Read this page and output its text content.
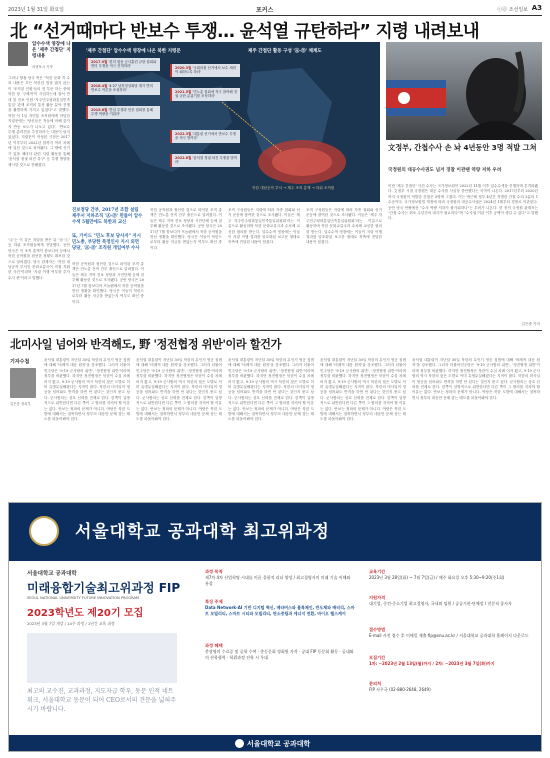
2023년 1월 31일 화요일	포커스	ⓒⓓ 조선일보 A3
北 “선거때마다 반보수 투쟁… 윤석열 규탄하라” 지령 내려보내
압수수색 영장에 나온 '제주 간첩단' 지령내용
서귀포시 기자
그러나 방첩 당국 측은 "북한 문화 지 수의 내용은 모든 북한한 법을 밟지 않는 이 '조직된 인원'들의 전 부문 하는 중에 북한 장 '구체적'이 사업하는데 참석 반대 및 진보 인원 '자주민주평화통일민족통일' 관계 조직의 통상 활동 분야 진행을 활발하게 가지고 있었다"고 말했다. 북한 이 1일 자민통 조직원에게 하달한 지령문에는 '당신들은 적들에 의해 갖가지 반동 보도가 나오고 있다', '반보수 투쟁 총력전을 추진하라'는 내용이 담겨 있었다. 지령문이 작성된 시점은 2017년 이후부터 2022년 말까지 여러 차례에 걸친 것으로 파악됐다. 그 밖에 선거가 있을 때마다 관련 지령 활동을 통해 '윤석열 정권 퇴진 촉구' 등 투쟁 방향을 제시한 것으로 전해졌다.
'Ⓐ'는 이 같은 지령을 받은 뒤 'Ⓑ-①' 등 하위 조직원들에게 전달했다. 공안 당국은 이 조직 총책이 캄보디아 등에서 북한 공작원을 접선한 정황도 확보한 것으로 알려졌다. 당국 관계자는 '북한 대남공작 부서인 문화교류국이 직접 지휘한 사건'이라며 '지령 이행 여부를 추가 수사 중'이라고 말했다.
'제주 간첩단' 압수수색 영장에 나온 북한 지령문	제주 간첩단 활동 구성 'Ⓐ-Ⓑ' 체계도
2017.9월 '한미 합동 군사훈련 규탄 집회와 반미 투쟁을 적극 전개하라'
2018.4월 '4·27 남북정상회담 계기 반미 반보수 여론을 조성하라'
2019.6월 '반일 투쟁과 민중 집회를 통해 투쟁 역량을 키워라'
2020.3월 '국회의원 선거에서 보수 세력이 패하도록 하라'
2021.5월 '민노총 집회에 적극 참여해 정권 규탄 분위기를 조성하라'
2022.3월 '대통령 선거에서 반보수 투쟁을 적극 벌여라'
2022.8월 '윤석열 정권 퇴진 투쟁을 벌여라'
북한 대남공작 부서 → 제주 조직 총책 → 하위 조직원
文정부, 간첩수사 손 놔 4년동안 3명 적발 그쳐
국정원의 대공수사권도 넘겨 경찰 이관땐 역량 저하 우려
이번 '제주 간첩단' 사건 수사는 국가정보원이 2022년 11월 이후 압수수색을 진행하며 본격화됐다. 文정부 시절 국정원은 대공 수사를 사실상 중단했다는 지적이 나온다. 2017년부터 2020년까지 국정원이 적발한 간첩은 3명에 그쳤다. 이는 박근혜 정부 4년간 적발한 간첩 수의 3분의 1 수준이다. 국가정보원법 개정에 따라 국정원의 대공수사권은 2024년 1월부터 경찰로 이관된다. 공안 당국 안팎에선 "수사 역량 저하가 불가피하다"는 우려가 나온다. 한 전직 국정원 관계자는 "간첩 수사는 최소 수년간의 내사가 필요하다"며 "수사권 이관 이후 공백이 생길 수 있다"고 말했다.
김은중 기자
진보정당 간부, 2017년 조합 설립 제주서 지하조직 'Ⓐ-Ⓑ' 만들어 압수수색 5월만에도 북한과 교신
또, 가이드 "민노 후보 당사자" 지시 민노총, 부당한 특정인사 지시 외면 당당, 'Ⓐ-Ⓑ' 조직원 개입여부 수사
북한 공작원과 접선한 것으로 파악된 조직 총책은 민노총 전직 간부 출신으로 알려졌다. 이들은 제주 지역 진보 정당과 시민단체 등에 침투해 활동한 것으로 조사됐다. 공안 당국은 2017년 7월 캄보디아 프놈펜에서 북한 공작원을 만난 정황을 확인했다. 당국은 이들이 북한으로부터 활동 자금을 받았는지 여부도 확인 중이다.
북한 공작원과 접선한 것으로 파악된 조직 총책은 민노총 전직 간부 출신으로 알려졌다. 이들은 제주 지역 진보 정당과 시민단체 등에 침투해 활동한 것으로 조사됐다. 공안 당국은 2017년 7월 캄보디아 프놈펜에서 북한 공작원을 만난 정황을 확인했다. 당국은 이들이 북한으로부터 활동 자금을 받았는지 여부도 확인 중이다.
조직 구성원들은 지령에 따라 각종 집회와 선거 운동에 참여한 것으로 조사됐다. 이들은 '제주 자주민주평화통일민족통일위원회'라는 이름으로 활동하며 북한 문화교류국과 수차례 교신한 혐의를 받는다. 압수수색 영장에는 이들이 지령 이행 결과를 암호화된 보고문 형태로 북측에 전달한 내용이 담겼다.
조직 구성원들은 지령에 따라 각종 집회와 선거 운동에 참여한 것으로 조사됐다. 이들은 '제주 자주민주평화통일민족통일위원회'라는 이름으로 활동하며 북한 문화교류국과 수차례 교신한 혐의를 받는다. 압수수색 영장에는 이들이 지령 이행 결과를 암호화된 보고문 형태로 북측에 전달한 내용이 담겼다.
北미사일 넘어와 반격해도, 野 '정전협정 위반'이라 할건가
기자수첩
김은중 정치부
윤석열 대통령이 지난달 30일 북한의 무인기 영공 침범에 대해 '비례적 대응 원칙'을 강조했다. 그러자 더불어민주당은 '9·19 군사합의 위반', '정전협정 위반'이라며 정부를 비판했다. 하지만 정전협정은 북한이 수십 차례 어겨 왔고, 9·19 군사합의 역시 북한의 잦은 도발로 이미 유명무실해졌다는 지적이 많다. 북한의 미사일이 영공을 넘어와도 반격을 하면 안 된다는 것인지 묻고 싶다. 군사합의는 상호 신뢰를 전제로 한다. 한쪽이 일방적으로 위반한다면 다른 쪽이 그 합의를 지켜야 할 이유는 없다. 안보는 정파의 문제가 아니다. 야당은 북한 도발에 대해서는 침묵하면서 정부의 대응만 문제 삼는 태도를 되돌아봐야 한다.
윤석열 대통령이 지난달 30일 북한의 무인기 영공 침범에 대해 '비례적 대응 원칙'을 강조했다. 그러자 더불어민주당은 '9·19 군사합의 위반', '정전협정 위반'이라며 정부를 비판했다. 하지만 정전협정은 북한이 수십 차례 어겨 왔고, 9·19 군사합의 역시 북한의 잦은 도발로 이미 유명무실해졌다는 지적이 많다. 북한의 미사일이 영공을 넘어와도 반격을 하면 안 된다는 것인지 묻고 싶다. 군사합의는 상호 신뢰를 전제로 한다. 한쪽이 일방적으로 위반한다면 다른 쪽이 그 합의를 지켜야 할 이유는 없다. 안보는 정파의 문제가 아니다. 야당은 북한 도발에 대해서는 침묵하면서 정부의 대응만 문제 삼는 태도를 되돌아봐야 한다.
윤석열 대통령이 지난달 30일 북한의 무인기 영공 침범에 대해 '비례적 대응 원칙'을 강조했다. 그러자 더불어민주당은 '9·19 군사합의 위반', '정전협정 위반'이라며 정부를 비판했다. 하지만 정전협정은 북한이 수십 차례 어겨 왔고, 9·19 군사합의 역시 북한의 잦은 도발로 이미 유명무실해졌다는 지적이 많다. 북한의 미사일이 영공을 넘어와도 반격을 하면 안 된다는 것인지 묻고 싶다. 군사합의는 상호 신뢰를 전제로 한다. 한쪽이 일방적으로 위반한다면 다른 쪽이 그 합의를 지켜야 할 이유는 없다. 안보는 정파의 문제가 아니다. 야당은 북한 도발에 대해서는 침묵하면서 정부의 대응만 문제 삼는 태도를 되돌아봐야 한다.
윤석열 대통령이 지난달 30일 북한의 무인기 영공 침범에 대해 '비례적 대응 원칙'을 강조했다. 그러자 더불어민주당은 '9·19 군사합의 위반', '정전협정 위반'이라며 정부를 비판했다. 하지만 정전협정은 북한이 수십 차례 어겨 왔고, 9·19 군사합의 역시 북한의 잦은 도발로 이미 유명무실해졌다는 지적이 많다. 북한의 미사일이 영공을 넘어와도 반격을 하면 안 된다는 것인지 묻고 싶다. 군사합의는 상호 신뢰를 전제로 한다. 한쪽이 일방적으로 위반한다면 다른 쪽이 그 합의를 지켜야 할 이유는 없다. 안보는 정파의 문제가 아니다. 야당은 북한 도발에 대해서는 침묵하면서 정부의 대응만 문제 삼는 태도를 되돌아봐야 한다.
윤석열 대통령이 지난달 30일 북한의 무인기 영공 침범에 대해 '비례적 대응 원칙'을 강조했다. 그러자 더불어민주당은 '9·19 군사합의 위반', '정전협정 위반'이라며 정부를 비판했다. 하지만 정전협정은 북한이 수십 차례 어겨 왔고, 9·19 군사합의 역시 북한의 잦은 도발로 이미 유명무실해졌다는 지적이 많다. 북한의 미사일이 영공을 넘어와도 반격을 하면 안 된다는 것인지 묻고 싶다. 군사합의는 상호 신뢰를 전제로 한다. 한쪽이 일방적으로 위반한다면 다른 쪽이 그 합의를 지켜야 할 이유는 없다. 안보는 정파의 문제가 아니다. 야당은 북한 도발에 대해서는 침묵하면서 정부의 대응만 문제 삼는 태도를 되돌아봐야 한다.
서울대학교 공과대학 최고위과정
서울대학교 공과대학
미래융합기술최고위과정 FIP
SEOUL NATIONAL UNIVERSITY FUTURE INNOVATION PROGRAM
2023학년도 제20기 모집
2023년 3월 7일 개강 / 14주 과정 / 1년간 교육 과정
최고의 교수진, 교과과정, 지도자급 학우, 동문 인적 네트워크, 서울대학교 동문이 되어 CEO로서의 견문을 넓혀주시기 바랍니다.
과정 목적
제7차 4차 산업혁명 시대를 이끌 융합적 리더 양성 / 최고경영자의 미래 기술 이해와 통찰
특징 주제
Data Network-AI 기반 디지털 혁신, 메타버스와 블록체인, 반도체와 배터리, 스마트 모빌리티, 스마트 시티와 모빌리티, 탄소중립과 에너지 전환, 바이오 헬스케어
과정 혜택
총장명의 수료증 및 공학 수여 · 총동문회 정회원 자격 · 공대 FIP 동문회 활동 · 공대와의 산학협력 · 학위과정 진학 시 우대
교육기간
2023년 3월 28일(화) ~ 7월 7일(금) / 매주 화요일 오후 5:30~9:20(주1회)
지원자격
대기업, 중견·중소기업 최고경영자, 국내외 임원 / 공공기관·단체장 / 전문직 종사자
접수방법
E-mail 사전 접수 후 이메일 제출 fip@snu.ac.kr / 서울대학교 공과대학 홈페이지 다운로드
모집기간
1차: ~2023년 2월 13일(월)까지 / 2차: ~2023년 3월 7일(화)까지
문의처
FIP 사무국 (02-880-2648, 2649)
서울대학교 공과대학
